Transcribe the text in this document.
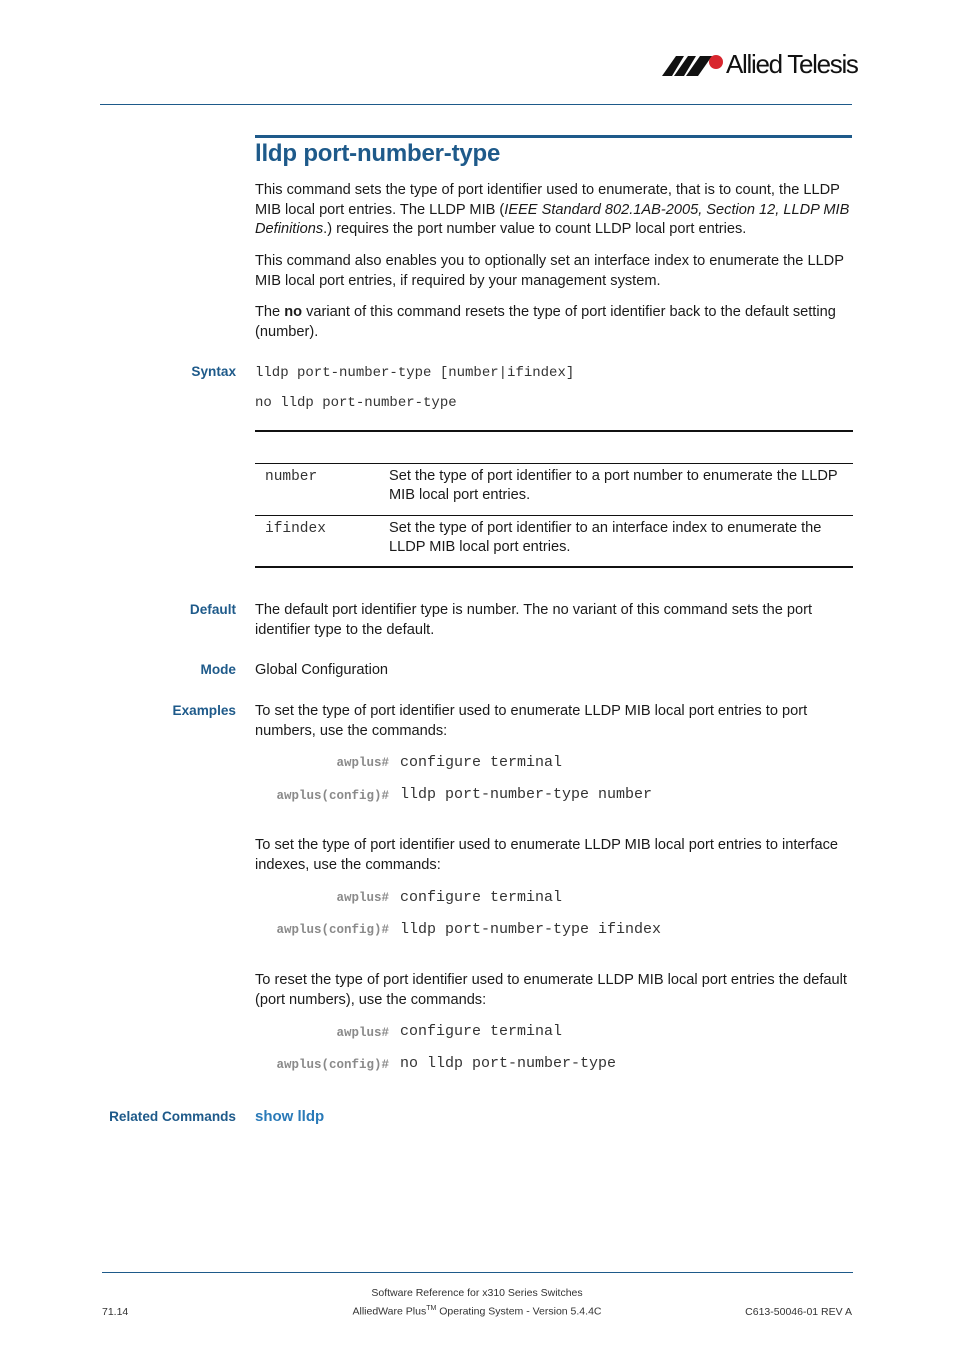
Allied Telesis
lldp port-number-type

This command sets the type of port identifier used to enumerate, that is to count, the LLDP MIB local port entries. The LLDP MIB (IEEE Standard 802.1AB-2005, Section 12, LLDP MIB Definitions.) requires the port number value to count LLDP local port entries.

This command also enables you to optionally set an interface index to enumerate the LLDP MIB local port entries, if required by your management system.

The no variant of this command resets the type of port identifier back to the default setting (number).

Syntax lldp port-number-type [number|ifindex]
no lldp port-number-type
number	Set the type of port identifier to a port number to enumerate the LLDP MIB local port entries.
ifindex	Set the type of port identifier to an interface index to enumerate the LLDP MIB local port entries.
Default The default port identifier type is number. The no variant of this command sets the port identifier type to the default.

Mode Global Configuration

Examples To set the type of port identifier used to enumerate LLDP MIB local port entries to port numbers, use the commands:

awplus# configure terminal
awplus(config)# lldp port-number-type number

To set the type of port identifier used to enumerate LLDP MIB local port entries to interface indexes, use the commands:

awplus# configure terminal
awplus(config)# lldp port-number-type ifindex

To reset the type of port identifier used to enumerate LLDP MIB local port entries the default (port numbers), use the commands:

awplus# configure terminal
awplus(config)# no lldp port-number-type
Related Commands show lldp
Software Reference for x310 Series Switches
71.14	AlliedWare Plus™ Operating System - Version 5.4.4C	C613-50046-01 REV A
